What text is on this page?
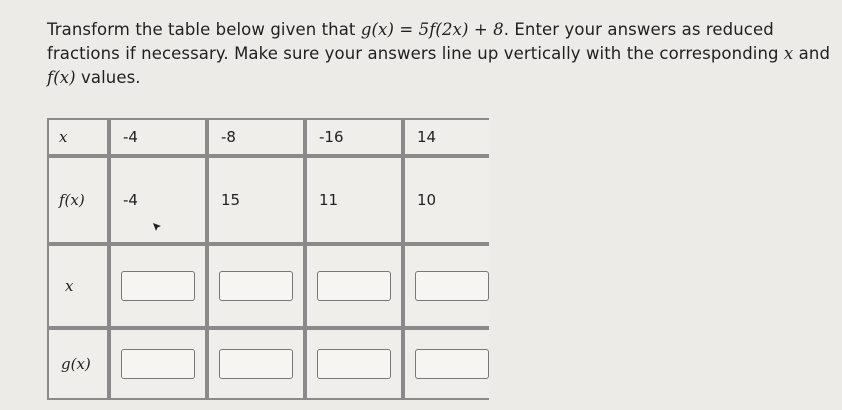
Transform the table below given that g(x) = 5f(2x) + 8. Enter your answers as reduced fractions if necessary. Make sure your answers line up vertically with the corresponding x and f(x) values.
x	-4	-8	-16	14
f(x)	-4	15	11	10
x
g(x)
